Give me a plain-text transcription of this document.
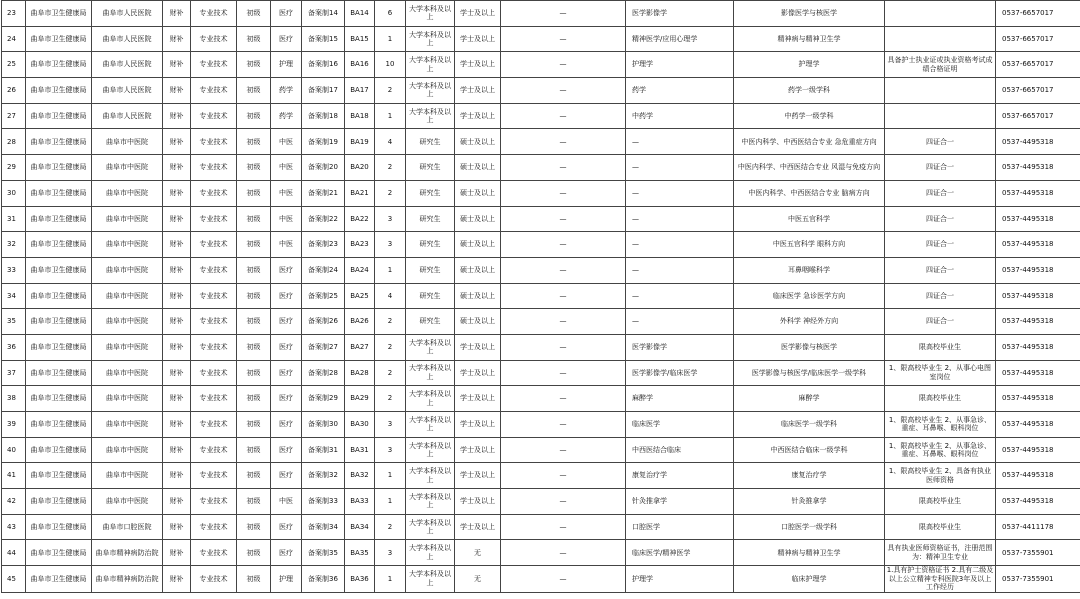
23	曲阜市卫生健康局	曲阜市人民医院	财补	专业技术	初级	医疗	备案制14	BA14	6	大学本科及以上	学士及以上	—	医学影像学	影像医学与核医学		0537-6657017
24	曲阜市卫生健康局	曲阜市人民医院	财补	专业技术	初级	医疗	备案制15	BA15	1	大学本科及以上	学士及以上	—	精神医学/应用心理学	精神病与精神卫生学		0537-6657017
25	曲阜市卫生健康局	曲阜市人民医院	财补	专业技术	初级	护理	备案制16	BA16	10	大学本科及以上	学士及以上	—	护理学	护理学	具备护士执业证或执业资格考试成绩合格证明	0537-6657017
26	曲阜市卫生健康局	曲阜市人民医院	财补	专业技术	初级	药学	备案制17	BA17	2	大学本科及以上	学士及以上	—	药学	药学一级学科		0537-6657017
27	曲阜市卫生健康局	曲阜市人民医院	财补	专业技术	初级	药学	备案制18	BA18	1	大学本科及以上	学士及以上	—	中药学	中药学一级学科		0537-6657017
28	曲阜市卫生健康局	曲阜市中医院	财补	专业技术	初级	中医	备案制19	BA19	4	研究生	硕士及以上	—	—	中医内科学、中西医结合专业 急危重症方向	四证合一	0537-4495318
29	曲阜市卫生健康局	曲阜市中医院	财补	专业技术	初级	中医	备案制20	BA20	2	研究生	硕士及以上	—	—	中医内科学、中西医结合专业 风湿与免疫方向	四证合一	0537-4495318
30	曲阜市卫生健康局	曲阜市中医院	财补	专业技术	初级	中医	备案制21	BA21	2	研究生	硕士及以上	—	—	中医内科学、中西医结合专业 脑病方向	四证合一	0537-4495318
31	曲阜市卫生健康局	曲阜市中医院	财补	专业技术	初级	中医	备案制22	BA22	3	研究生	硕士及以上	—	—	中医五官科学	四证合一	0537-4495318
32	曲阜市卫生健康局	曲阜市中医院	财补	专业技术	初级	中医	备案制23	BA23	3	研究生	硕士及以上	—	—	中医五官科学 眼科方向	四证合一	0537-4495318
33	曲阜市卫生健康局	曲阜市中医院	财补	专业技术	初级	医疗	备案制24	BA24	1	研究生	硕士及以上	—	—	耳鼻咽喉科学	四证合一	0537-4495318
34	曲阜市卫生健康局	曲阜市中医院	财补	专业技术	初级	医疗	备案制25	BA25	4	研究生	硕士及以上	—	—	临床医学 急诊医学方向	四证合一	0537-4495318
35	曲阜市卫生健康局	曲阜市中医院	财补	专业技术	初级	医疗	备案制26	BA26	2	研究生	硕士及以上	—	—	外科学 神经外方向	四证合一	0537-4495318
36	曲阜市卫生健康局	曲阜市中医院	财补	专业技术	初级	医疗	备案制27	BA27	2	大学本科及以上	学士及以上	—	医学影像学	医学影像与核医学	限高校毕业生	0537-4495318
37	曲阜市卫生健康局	曲阜市中医院	财补	专业技术	初级	医疗	备案制28	BA28	2	大学本科及以上	学士及以上	—	医学影像学/临床医学	医学影像与核医学/临床医学一级学科	1、限高校毕业生 2、从事心电图室岗位	0537-4495318
38	曲阜市卫生健康局	曲阜市中医院	财补	专业技术	初级	医疗	备案制29	BA29	2	大学本科及以上	学士及以上	—	麻醉学	麻醉学	限高校毕业生	0537-4495318
39	曲阜市卫生健康局	曲阜市中医院	财补	专业技术	初级	医疗	备案制30	BA30	3	大学本科及以上	学士及以上	—	临床医学	临床医学一级学科	1、限高校毕业生 2、从事急诊、重症、耳鼻喉、眼科岗位	0537-4495318
40	曲阜市卫生健康局	曲阜市中医院	财补	专业技术	初级	医疗	备案制31	BA31	3	大学本科及以上	学士及以上	—	中西医结合临床	中西医结合临床一级学科	1、限高校毕业生 2、从事急诊、重症、耳鼻喉、眼科岗位	0537-4495318
41	曲阜市卫生健康局	曲阜市中医院	财补	专业技术	初级	医疗	备案制32	BA32	1	大学本科及以上	学士及以上	—	康复治疗学	康复治疗学	1、限高校毕业生 2、具备有执业医师资格	0537-4495318
42	曲阜市卫生健康局	曲阜市中医院	财补	专业技术	初级	中医	备案制33	BA33	1	大学本科及以上	学士及以上	—	针灸推拿学	针灸推拿学	限高校毕业生	0537-4495318
43	曲阜市卫生健康局	曲阜市口腔医院	财补	专业技术	初级	医疗	备案制34	BA34	2	大学本科及以上	学士及以上	—	口腔医学	口腔医学一级学科	限高校毕业生	0537-4411178
44	曲阜市卫生健康局	曲阜市精神病防治院	财补	专业技术	初级	医疗	备案制35	BA35	3	大学本科及以上	无	—	临床医学/精神医学	精神病与精神卫生学	具有执业医师资格证书，注册范围为：精神卫生专业	0537-7355901
45	曲阜市卫生健康局	曲阜市精神病防治院	财补	专业技术	初级	护理	备案制36	BA36	1	大学本科及以上	无	—	护理学	临床护理学	1.具有护士资格证书 2.具有二级及以上公立精神专科医院3年及以上工作经历	0537-7355901
